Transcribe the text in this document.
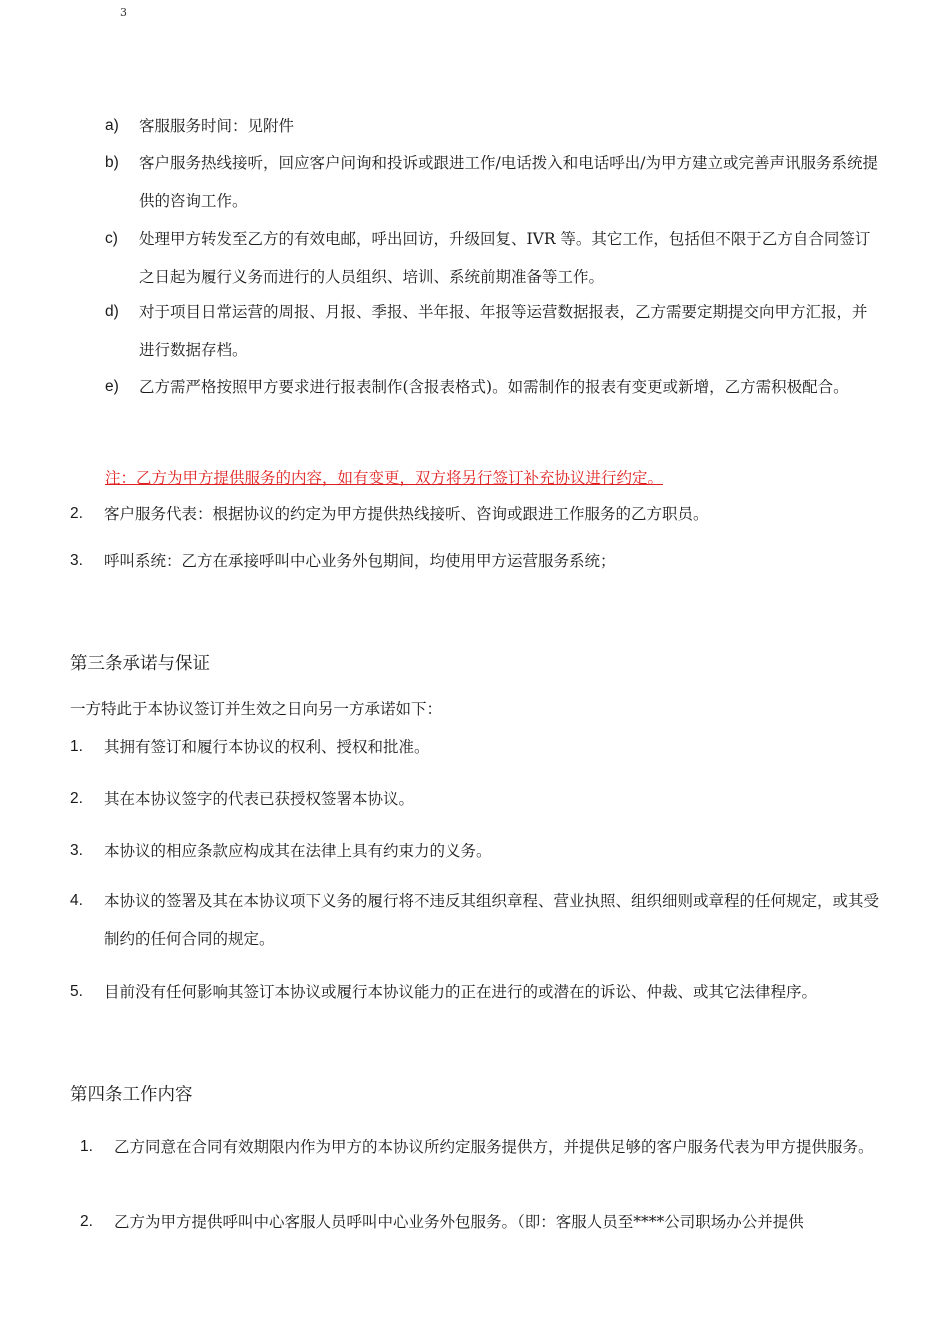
3
a) 客服服务时间：见附件
b) 客户服务热线接听，回应客户问询和投诉或跟进工作/电话拨入和电话呼出/为甲方建立或完善声讯服务系统提供的咨询工作。
c) 处理甲方转发至乙方的有效电邮，呼出回访，升级回复、IVR 等。其它工作，包括但不限于乙方自合同签订之日起为履行义务而进行的人员组织、培训、系统前期准备等工作。
d) 对于项目日常运营的周报、月报、季报、半年报、年报等运营数据报表，乙方需要定期提交向甲方汇报，并进行数据存档。
e) 乙方需严格按照甲方要求进行报表制作(含报表格式)。如需制作的报表有变更或新增，乙方需积极配合。
注：乙方为甲方提供服务的内容，如有变更，双方将另行签订补充协议进行约定。
2. 客户服务代表：根据协议的约定为甲方提供热线接听、咨询或跟进工作服务的乙方职员。
3. 呼叫系统：乙方在承接呼叫中心业务外包期间，均使用甲方运营服务系统；
第三条承诺与保证
一方特此于本协议签订并生效之日向另一方承诺如下：
1. 其拥有签订和履行本协议的权利、授权和批准。
2. 其在本协议签字的代表已获授权签署本协议。
3. 本协议的相应条款应构成其在法律上具有约束力的义务。
4. 本协议的签署及其在本协议项下义务的履行将不违反其组织章程、营业执照、组织细则或章程的任何规定，或其受制约的任何合同的规定。
5. 目前没有任何影响其签订本协议或履行本协议能力的正在进行的或潜在的诉讼、仲裁、或其它法律程序。
第四条工作内容
1. 乙方同意在合同有效期限内作为甲方的本协议所约定服务提供方，并提供足够的客户服务代表为甲方提供服务。
2. 乙方为甲方提供呼叫中心客服人员呼叫中心业务外包服务。（即：客服人员至****公司职场办公并提供
